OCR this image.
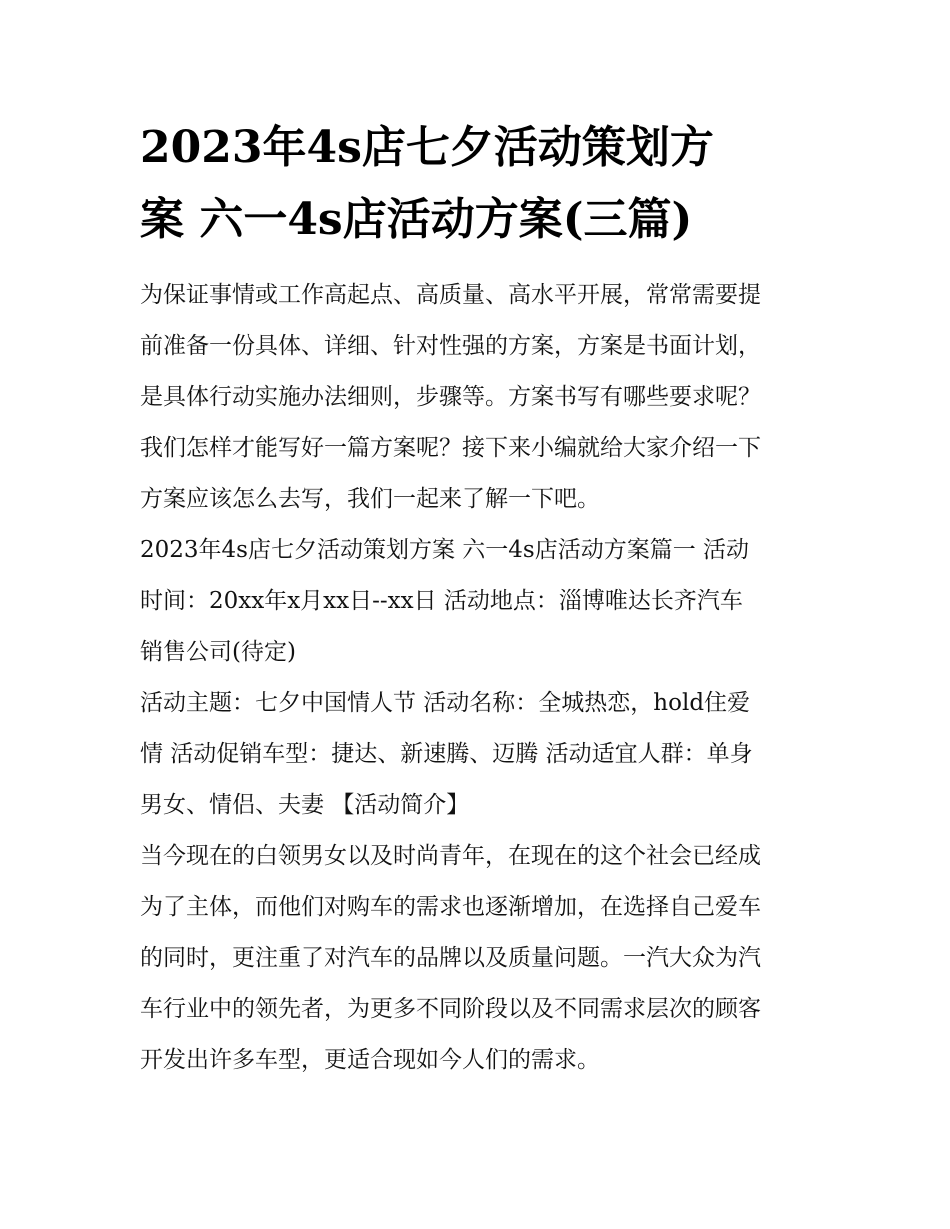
2023年4s店七夕活动策划方
案 六一4s店活动方案(三篇)

为保证事情或工作高起点、高质量、高水平开展，常常需要提
前准备一份具体、详细、针对性强的方案，方案是书面计划，
是具体行动实施办法细则，步骤等。方案书写有哪些要求呢？
我们怎样才能写好一篇方案呢？接下来小编就给大家介绍一下
方案应该怎么去写，我们一起来了解一下吧。

2023年4s店七夕活动策划方案 六一4s店活动方案篇一 活动
时间：20xx年x月xx日--xx日 活动地点：淄博唯达长齐汽车
销售公司(待定)

活动主题：七夕中国情人节 活动名称：全城热恋，hold住爱
情 活动促销车型：捷达、新速腾、迈腾 活动适宜人群：单身
男女、情侣、夫妻 【活动简介】

当今现在的白领男女以及时尚青年，在现在的这个社会已经成
为了主体，而他们对购车的需求也逐渐增加，在选择自己爱车
的同时，更注重了对汽车的品牌以及质量问题。一汽大众为汽
车行业中的领先者，为更多不同阶段以及不同需求层次的顾客
开发出许多车型，更适合现如今人们的需求。
